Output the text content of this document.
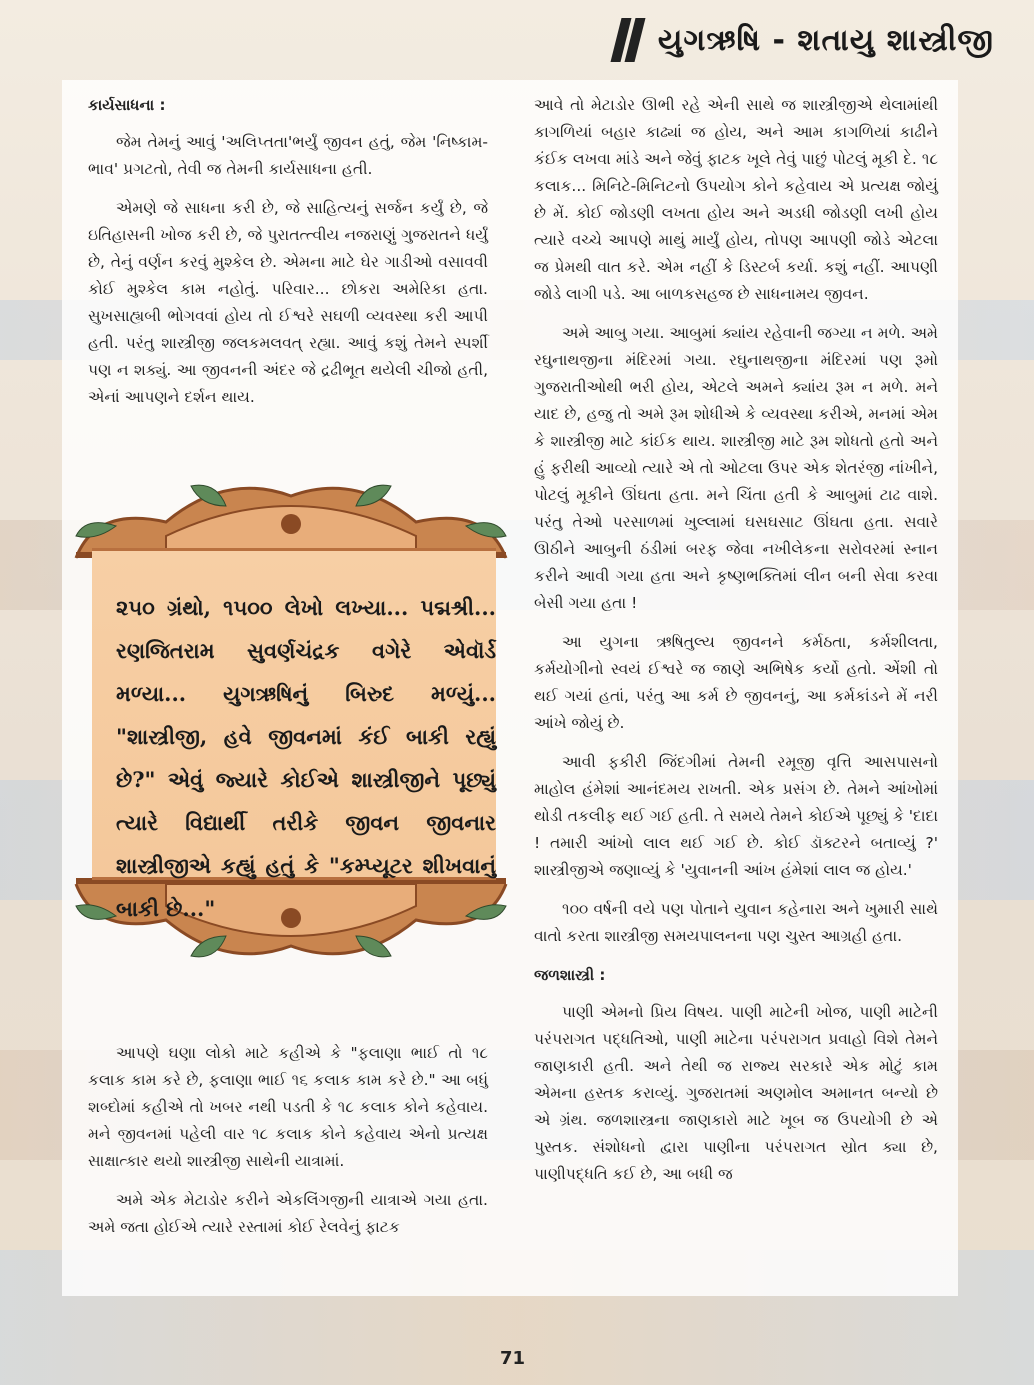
યુગઋષિ - શતાયુ શાસ્ત્રીજી
કાર્યસાધના :

જેમ તેમનું આવું 'અલિપ્તતા'ભર્યું જીવન હતું, જેમ 'નિષ્કામ-ભાવ' પ્રગટતો, તેવી જ તેમની કાર્યસાધના હતી.

એમણે જે સાધના કરી છે, જે સાહિત્યનું સર્જન કર્યું છે, જે ઇતિહાસની ખોજ કરી છે, જે પુરાતત્ત્વીય નજરાણું ગુજરાતને ધર્યું છે, તેનું વર્ણન કરવું મુશ્કેલ છે. એમના માટે ઘેર ગાડીઓ વસાવવી કોઈ મુશ્કેલ કામ નહોતું. પરિવાર... છોકરા અમેરિકા હતા. સુખસાહ્યબી ભોગવવાં હોય તો ઈશ્વરે સઘળી વ્યવસ્થા કરી આપી હતી. પરંતુ શાસ્ત્રીજી જલકમલવત્ રહ્યા. આવું કશું તેમને સ્પર્શી પણ ન શક્યું. આ જીવનની અંદર જે દ્રઢીભૂત થયેલી ચીજો હતી, એનાં આપણને દર્શન થાય.

૨૫૦ ગ્રંથો, ૧૫૦૦ લેખો લખ્યા... પદ્મશ્રી... રણજિતરામ સુવર્ણચંદ્રક વગેરે એવૉર્ડ મળ્યા... યુગઋષિનું બિરુદ મળ્યું... "શાસ્ત્રીજી, હવે જીવનમાં કંઈ બાકી રહ્યું છે?" એવું જ્યારે કોઈએ શાસ્ત્રીજીને પૂછ્યું ત્યારે વિદ્યાર્થી તરીકે જીવન જીવનાર શાસ્ત્રીજીએ કહ્યું હતું કે "કમ્પ્યૂટર શીખવાનું બાકી છે..."

આપણે ઘણા લોકો માટે કહીએ કે "ફલાણા ભાઈ તો ૧૮ કલાક કામ કરે છે, ફલાણા ભાઈ ૧૬ કલાક કામ કરે છે." આ બધું શબ્દોમાં કહીએ તો ખબર નથી પડતી કે ૧૮ કલાક કોને કહેવાય. મને જીવનમાં પહેલી વાર ૧૮ કલાક કોને કહેવાય એનો પ્રત્યક્ષ સાક્ષાત્કાર થયો શાસ્ત્રીજી સાથેની યાત્રામાં.

અમે એક મેટાડોર કરીને એકલિંગજીની યાત્રાએ ગયા હતા. અમે જતા હોઈએ ત્યારે રસ્તામાં કોઈ રેલવેનું ફાટક

આવે તો મેટાડોર ઊભી રહે એની સાથે જ શાસ્ત્રીજીએ થેલામાંથી કાગળિયાં બહાર કાઢ્યાં જ હોય, અને આમ કાગળિયાં કાઢીને કંઈક લખવા માંડે અને જેવું ફાટક ખૂલે તેવું પાછું પોટલું મૂકી દે. ૧૮ કલાક... મિનિટે-મિનિટનો ઉપયોગ કોને કહેવાય એ પ્રત્યક્ષ જોયું છે મેં. કોઈ જોડણી લખતા હોય અને અડધી જોડણી લખી હોય ત્યારે વચ્ચે આપણે માથું માર્યું હોય, તોપણ આપણી જોડે એટલા જ પ્રેમથી વાત કરે. એમ નહીં કે ડિસ્ટર્બ કર્યા. કશું નહીં. આપણી જોડે લાગી પડે. આ બાળકસહજ છે સાધનામય જીવન.

અમે આબુ ગયા. આબુમાં ક્યાંય રહેવાની જગ્યા ન મળે. અમે રઘુનાથજીના મંદિરમાં ગયા. રઘુનાથજીના મંદિરમાં પણ રૂમો ગુજરાતીઓથી ભરી હોય, એટલે અમને ક્યાંય રૂમ ન મળે. મને યાદ છે, હજુ તો અમે રૂમ શોધીએ કે વ્યવસ્થા કરીએ, મનમાં એમ કે શાસ્ત્રીજી માટે કાંઈક થાય. શાસ્ત્રીજી માટે રૂમ શોધતો હતો અને હું ફરીથી આવ્યો ત્યારે એ તો ઓટલા ઉપર એક શેતરંજી નાંખીને, પોટલું મૂકીને ઊંઘતા હતા. મને ચિંતા હતી કે આબુમાં ટાઢ વાશે. પરંતુ તેઓ પરસાળમાં ખુલ્લામાં ઘસઘસાટ ઊંઘતા હતા. સવારે ઊઠીને આબુની ઠંડીમાં બરફ જેવા નખીલેકના સરોવરમાં સ્નાન કરીને આવી ગયા હતા અને કૃષ્ણભક્તિમાં લીન બની સેવા કરવા બેસી ગયા હતા !

આ યુગના ઋષિતુલ્ય જીવનને કર્મઠતા, કર્મશીલતા, કર્મયોગીનો સ્વયં ઈશ્વરે જ જાણે અભિષેક કર્યો હતો. એંશી તો થઈ ગયાં હતાં, પરંતુ આ કર્મ છે જીવનનું, આ કર્મકાંડને મેં નરી આંખે જોયું છે.

આવી ફકીરી જિંદગીમાં તેમની રમૂજી વૃત્તિ આસપાસનો માહોલ હંમેશાં આનંદમય રાખતી. એક પ્રસંગ છે. તેમને આંખોમાં થોડી તકલીફ થઈ ગઈ હતી. તે સમયે તેમને કોઈએ પૂછ્યું કે 'દાદા ! તમારી આંખો લાલ થઈ ગઈ છે. કોઈ ડૉક્ટરને બતાવ્યું ?' શાસ્ત્રીજીએ જણાવ્યું કે 'યુવાનની આંખ હંમેશાં લાલ જ હોય.'

૧૦૦ વર્ષની વયે પણ પોતાને યુવાન કહેનારા અને ખુમારી સાથે વાતો કરતા શાસ્ત્રીજી સમયપાલનના પણ ચુસ્ત આગ્રહી હતા.

જળશાસ્ત્રી :

પાણી એમનો પ્રિય વિષય. પાણી માટેની ખોજ, પાણી માટેની પરંપરાગત પદ્ધતિઓ, પાણી માટેના પરંપરાગત પ્રવાહો વિશે તેમને જાણકારી હતી. અને તેથી જ રાજ્ય સરકારે એક મોટું કામ એમના હસ્તક કરાવ્યું. ગુજરાતમાં અણમોલ અમાનત બન્યો છે એ ગ્રંથ. જળશાસ્ત્રના જાણકારો માટે ખૂબ જ ઉપયોગી છે એ પુસ્તક. સંશોધનો દ્વારા પાણીના પરંપરાગત સ્રોત ક્યા છે, પાણીપદ્ધતિ કઈ છે, આ બધી જ

71
